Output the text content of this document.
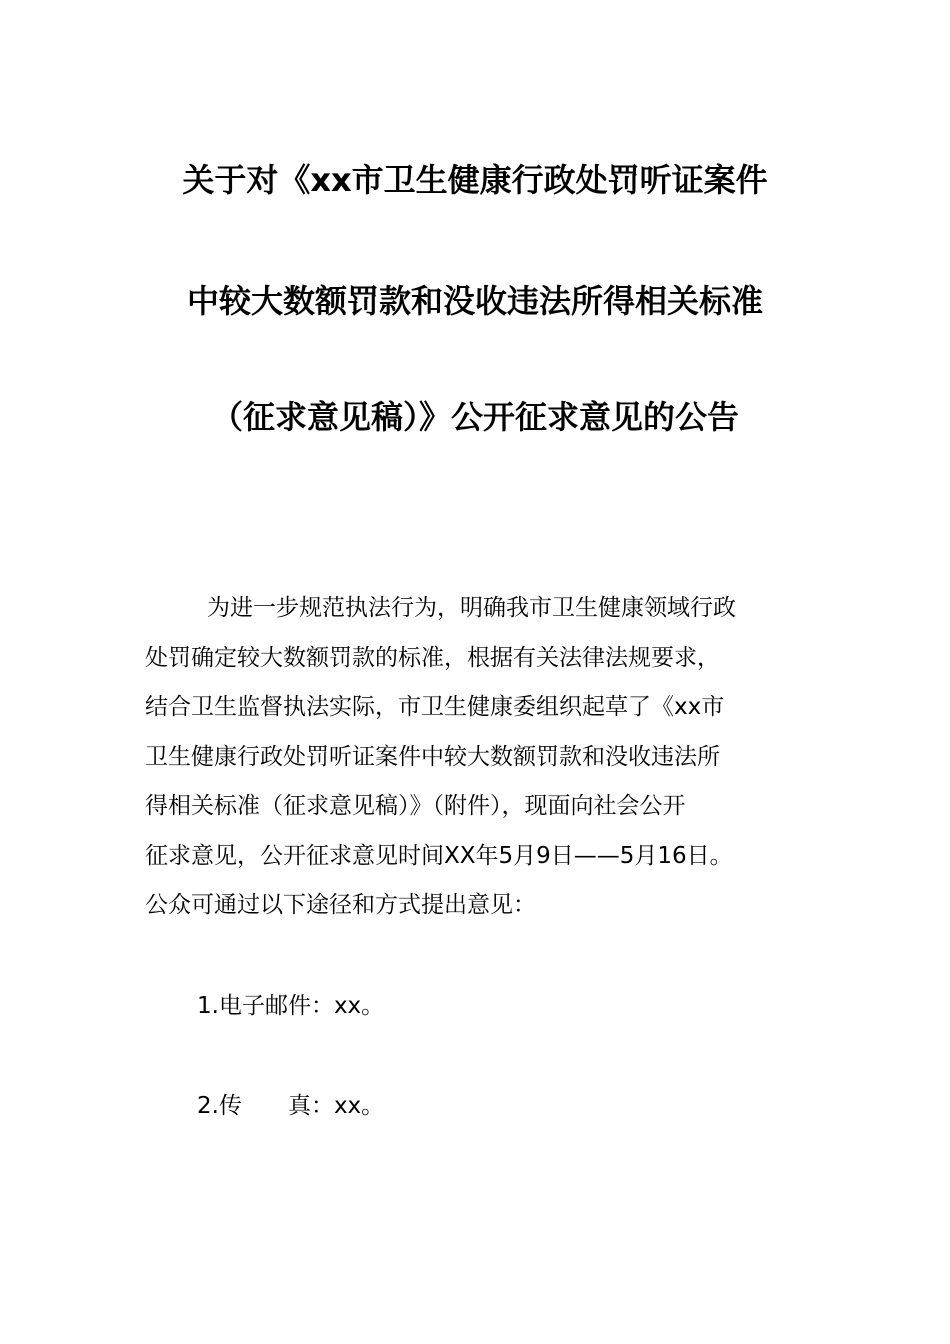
关于对《xx市卫生健康行政处罚听证案件
中较大数额罚款和没收违法所得相关标准
（征求意见稿）》公开征求意见的公告
为进一步规范执法行为，明确我市卫生健康领域行政
处罚确定较大数额罚款的标准，根据有关法律法规要求，
结合卫生监督执法实际，市卫生健康委组织起草了《xx市
卫生健康行政处罚听证案件中较大数额罚款和没收违法所
得相关标准（征求意见稿）》（附件），现面向社会公开
征求意见，公开征求意见时间XX年5月9日——5月16日。
公众可通过以下途径和方式提出意见：
1.电子邮件：xx。
2.传　　真：xx。
